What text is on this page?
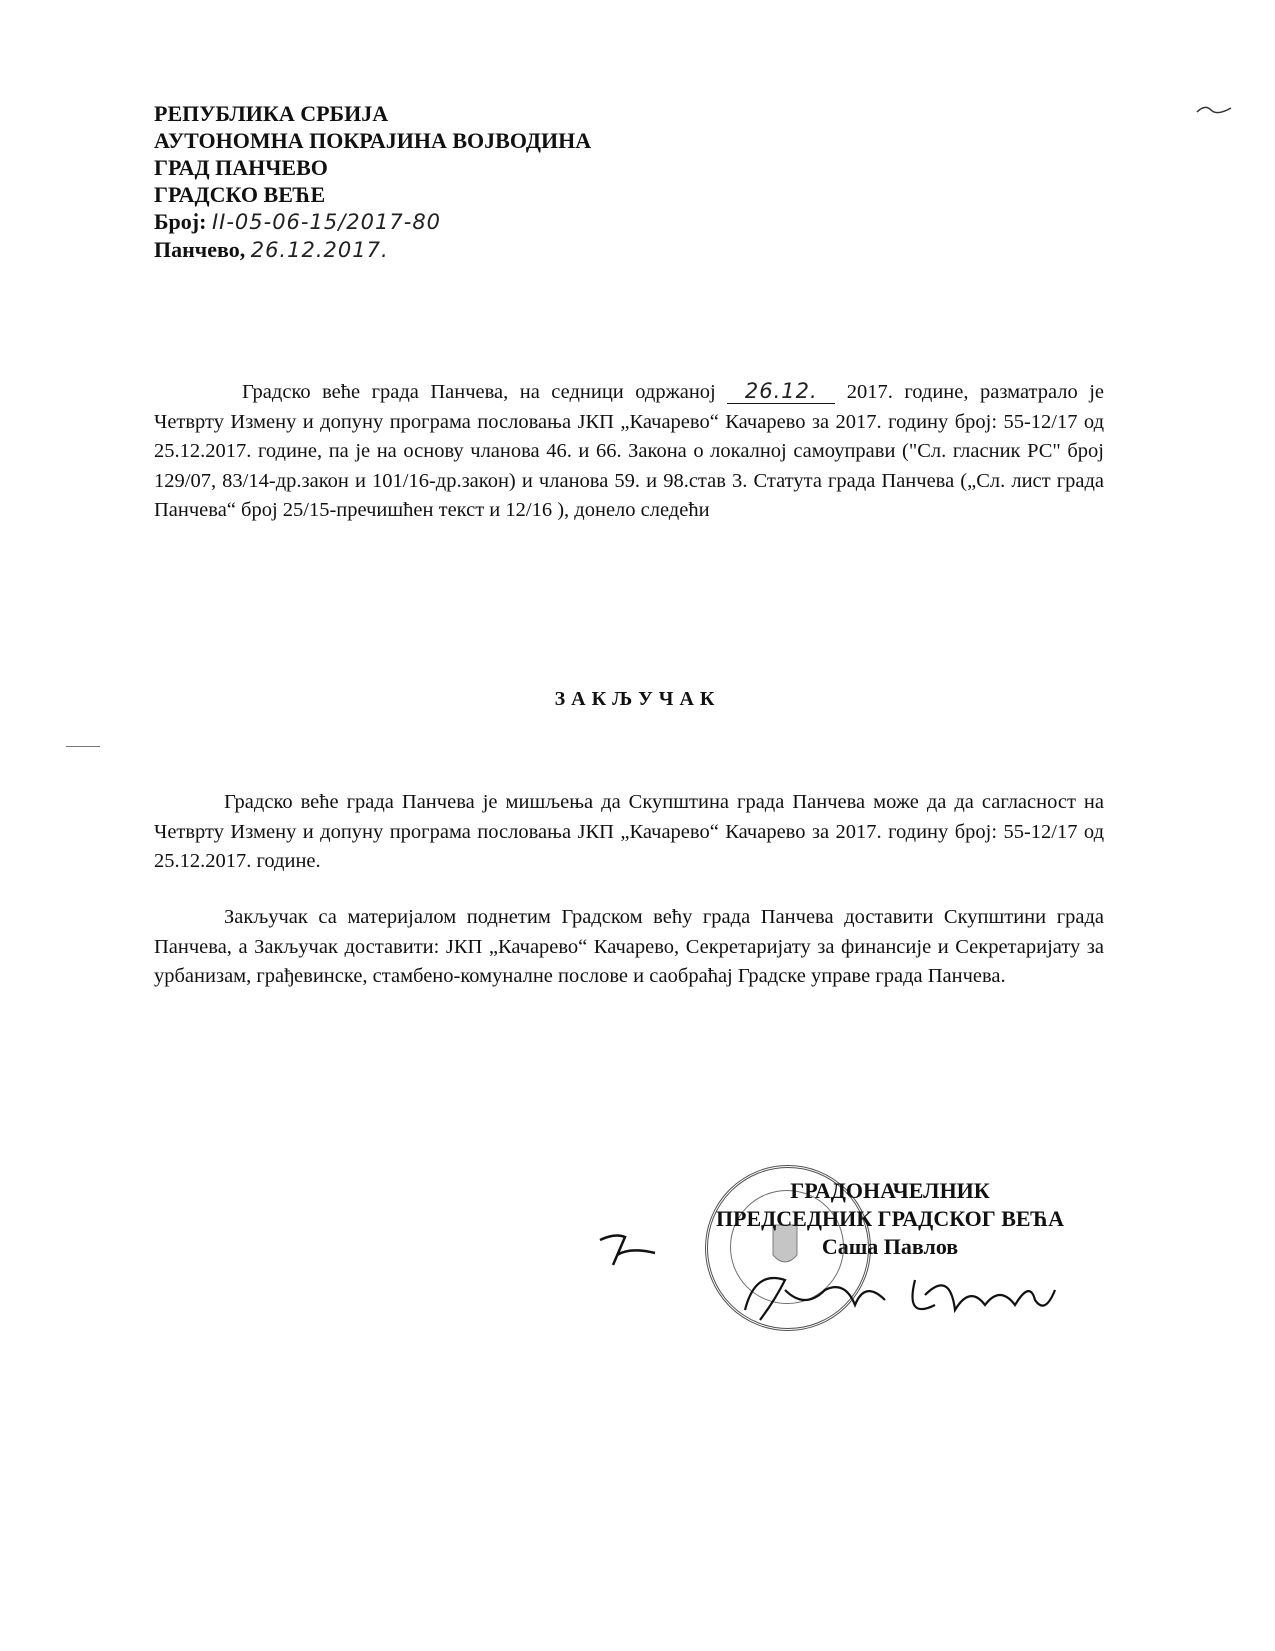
РЕПУБЛИКА СРБИЈА
АУТОНОМНА ПОКРАЈИНА ВОЈВОДИНА
ГРАД ПАНЧЕВО
ГРАДСКО ВЕЋЕ
Број: II-05-06-15/2017-80
Панчево, 26.12.2017.
Градско веће града Панчева, на седници одржаној 26.12. 2017. године, разматрало је Четврту Измену и допуну програма пословања ЈКП „Качарево“ Качарево за 2017. годину број: 55-12/17 од 25.12.2017. године, па је на основу чланова 46. и 66. Закона о локалној самоуправи ("Сл. гласник РС" број 129/07, 83/14-др.закон и 101/16-др.закон) и чланова 59. и 98.став 3. Статута града Панчева („Сл. лист града Панчева“ број 25/15-пречишћен текст и 12/16 ), донело следећи
ЗАКЉУЧАК
Градско веће града Панчева је мишљења да Скупштина града Панчева може да да сагласност на Четврту Измену и допуну програма пословања ЈКП „Качарево“ Качарево за 2017. годину број: 55-12/17 од 25.12.2017. године.
Закључак са материјалом поднетим Градском већу града Панчева доставити Скупштини града Панчева, а Закључак доставити: ЈКП „Качарево“ Качарево, Секретаријату за финансије и Секретаријату за урбанизам, грађевинске, стамбено-комуналне послове и саобраћај Градске управе града Панчева.
ГРАДОНАЧЕЛНИК
ПРЕДСЕДНИК ГРАДСКОГ ВЕЋА
Саша Павлов
